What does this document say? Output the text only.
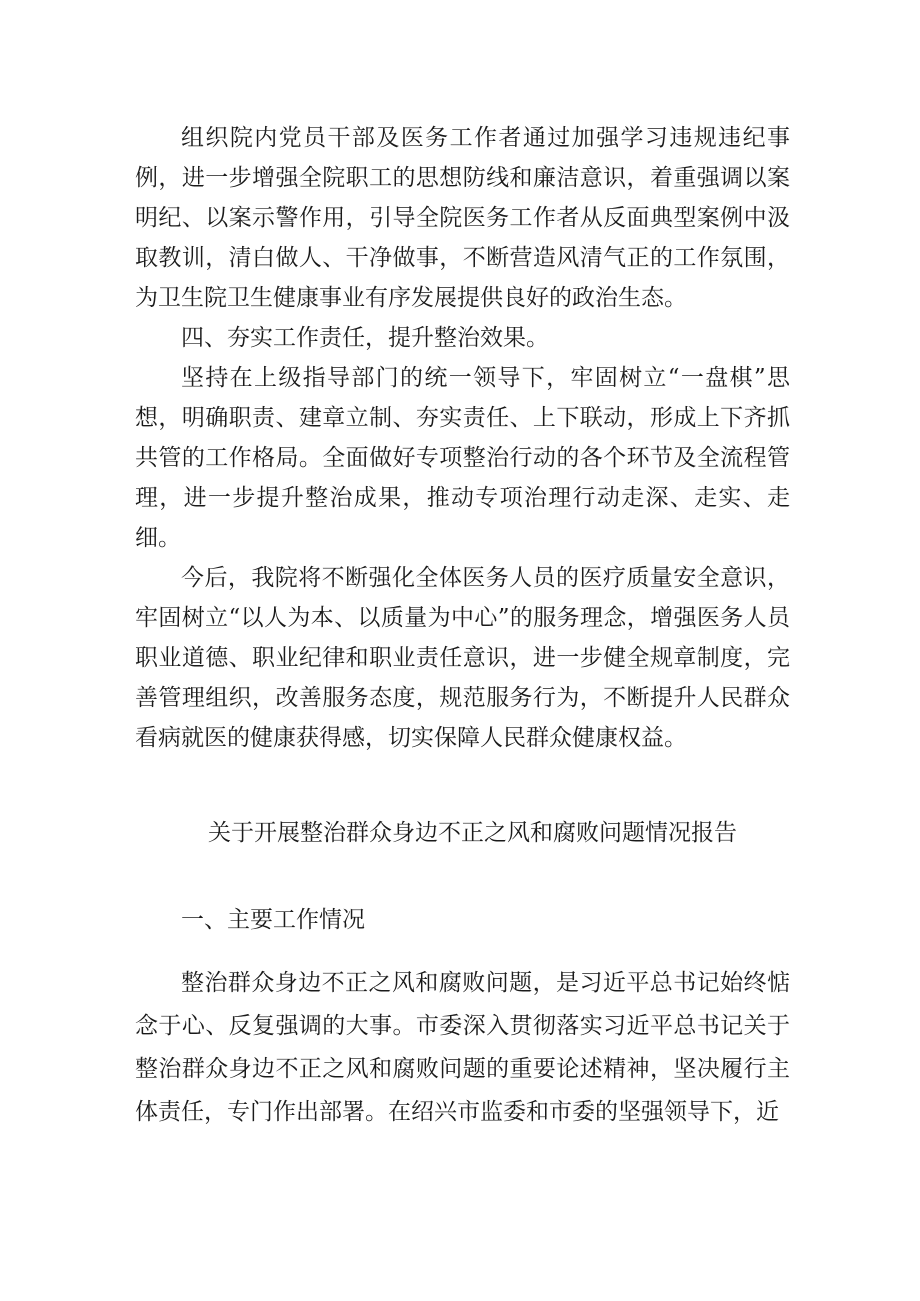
组织院内党员干部及医务工作者通过加强学习违规违纪事例，进一步增强全院职工的思想防线和廉洁意识，着重强调以案明纪、以案示警作用，引导全院医务工作者从反面典型案例中汲取教训，清白做人、干净做事，不断营造风清气正的工作氛围，为卫生院卫生健康事业有序发展提供良好的政治生态。

四、夯实工作责任，提升整治效果。

坚持在上级指导部门的统一领导下，牢固树立“一盘棋”思想，明确职责、建章立制、夯实责任、上下联动，形成上下齐抓共管的工作格局。全面做好专项整治行动的各个环节及全流程管理，进一步提升整治成果，推动专项治理行动走深、走实、走细。

今后，我院将不断强化全体医务人员的医疗质量安全意识，牢固树立“以人为本、以质量为中心”的服务理念，增强医务人员职业道德、职业纪律和职业责任意识，进一步健全规章制度，完善管理组织，改善服务态度，规范服务行为，不断提升人民群众看病就医的健康获得感，切实保障人民群众健康权益。

关于开展整治群众身边不正之风和腐败问题情况报告

一、主要工作情况

整治群众身边不正之风和腐败问题，是习近平总书记始终惦念于心、反复强调的大事。市委深入贯彻落实习近平总书记关于整治群众身边不正之风和腐败问题的重要论述精神，坚决履行主体责任，专门作出部署。在绍兴市监委和市委的坚强领导下，近
